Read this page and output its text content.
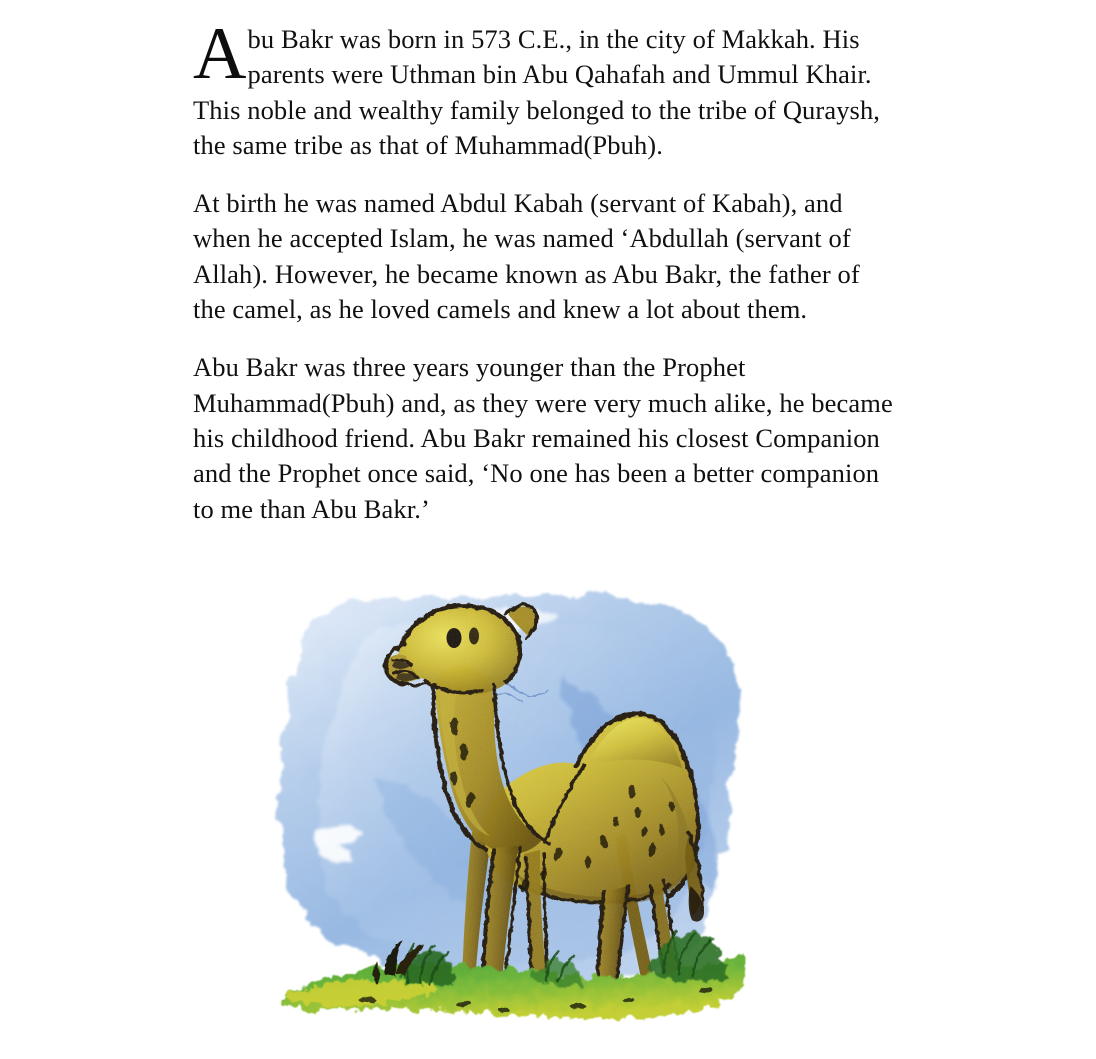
Abu Bakr was born in 573 C.E., in the city of Makkah. His parents were Uthman bin Abu Qahafah and Ummul Khair. This noble and wealthy family belonged to the tribe of Quraysh, the same tribe as that of Muhammad(Pbuh).

At birth he was named Abdul Kabah (servant of Kabah), and when he accepted Islam, he was named ‘Abdullah (servant of Allah). However, he became known as Abu Bakr, the father of  the camel, as he loved camels and knew a lot about them.

Abu Bakr was three years younger than the Prophet Muhammad(Pbuh) and, as they were very much alike, he became his childhood friend. Abu Bakr remained his closest Companion and the Prophet once said, ‘No one has been a better companion to me than Abu Bakr.’
